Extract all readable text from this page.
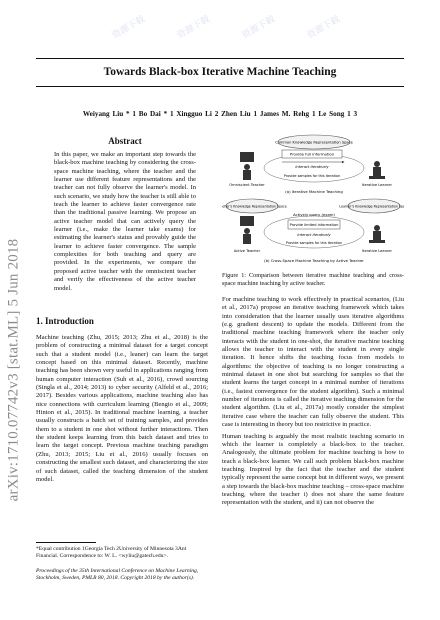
资源下载	资源下载	资源下载	资源下载
arXiv:1710.07742v3 [stat.ML] 5 Jun 2018
Towards Black-box Iterative Machine Teaching
Weiyang Liu * 1 Bo Dai * 1 Xingguo Li 2 Zhen Liu 1 James M. Rehg 1 Le Song 1 3
Abstract
In this paper, we make an important step towards the black-box machine teaching by considering the cross-space machine teaching, where the teacher and the learner use different feature representations and the teacher can not fully observe the learner's model. In such scenario, we study how the teacher is still able to teach the learner to achieve faster convergence rate than the traditional passive learning. We propose an active teacher model that can actively query the learner (i.e., make the learner take exams) for estimating the learner's status and provably guide the learner to achieve faster convergence. The sample complexities for both teaching and query are provided. In the experiments, we compare the proposed active teacher with the omniscient teacher and verify the effectiveness of the active teacher model.
1. Introduction
Machine teaching (Zhu, 2015; 2013; Zhu et al., 2018) is the problem of constructing a minimal dataset for a target concept such that a student model (i.e., leaner) can learn the target concept based on this minimal dataset. Recently, machine teaching has been shown very useful in applications ranging from human computer interaction (Suh et al., 2016), crowd sourcing (Singla et al., 2014; 2013) to cyber security (Alfeld et al., 2016; 2017). Besides various applications, machine teaching also has nice connections with curriculum learning (Bengio et al., 2009; Hinton et al., 2015). In traditional machine learning, a teacher usually constructs a batch set of training samples, and provides them to a student in one shot without further interactions. Then the student keeps learning from this batch dataset and tries to learn the target concept. Previous machine teaching paradigm (Zhu, 2013; 2015; Liu et al., 2016) usually focuses on constructing the smallest such dataset, and characterizing the size of such dataset, called the teaching dimension of the student model.
*Equal contribution 1Georgia Tech 2University of Minnesota 3Ant Financial. Correspondence to: W. L. <wyliu@gatech.edu>.
Proceedings of the 35th International Conference on Machine Learning, Stockholm, Sweden, PMLR 80, 2018. Copyright 2018 by the author(s).
Common Knowledge Representation Space
Provide full information
Interact iteratively
Provide samples for this iteration
Omniscient Teacher	Iterative Learner
(a) Iterative Machine Teaching
Teacher's Knowledge Representation Space	Learner's Knowledge Representation Space
Actively query (exam)
Provide limited information
Interact iteratively
Provide samples for this iteration
Active Teacher	Iterative Learner
(b) Cross-Space Machine Teaching by Active Teacher
Figure 1: Comparison between iterative machine teaching and cross-space machine teaching by active teacher.

For machine teaching to work effectively in practical scenarios, (Liu et al., 2017a) propose an iterative teaching framework which takes into consideration that the learner usually uses iterative algorithms (e.g. gradient descent) to update the models. Different from the traditional machine teaching framework where the teacher only interacts with the student in one-shot, the iterative machine teaching allows the teacher to interact with the student in every single iteration. It hence shifts the teaching focus from models to algorithms: the objective of teaching is no longer constructing a minimal dataset in one shot but searching for samples so that the student learns the target concept in a minimal number of iterations (i.e., fastest convergence for the student algorithm). Such a minimal number of iterations is called the iterative teaching dimension for the student algorithm. (Liu et al., 2017a) mostly consider the simplest iterative case where the teacher can fully observe the student. This case is interesting in theory but too restrictive in practice.

Human teaching is arguably the most realistic teaching scenario in which the learner is completely a black-box to the teacher. Analogously, the ultimate problem for machine teaching is how to teach a black-box learner. We call such problem black-box machine teaching. Inspired by the fact that the teacher and the student typically represent the same concept but in different ways, we present a step towards the black-box machine teaching – cross-space machine teaching, where the teacher i) does not share the same feature representation with the student, and ii) can not observe the
